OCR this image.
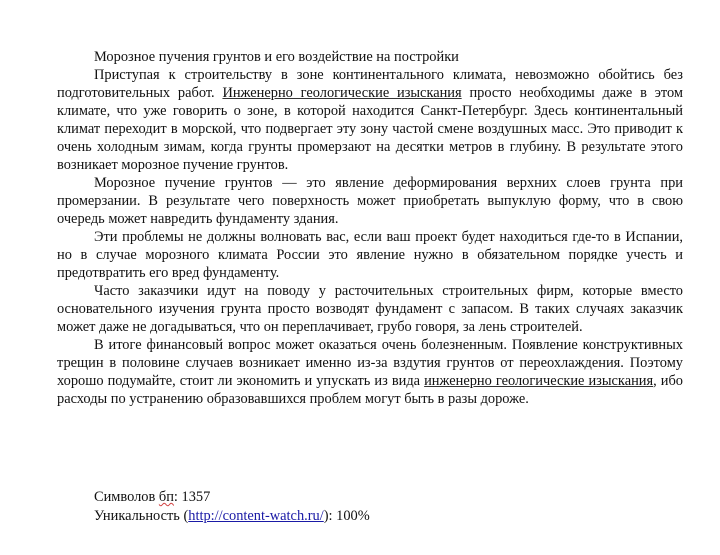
Морозное пучения грунтов и его воздействие на постройки

Приступая к строительству в зоне континентального климата, невозможно обойтись без подготовительных работ. Инженерно геологические изыскания просто необходимы даже в этом климате, что уже говорить о зоне, в которой находится Санкт-Петербург. Здесь континентальный климат переходит в морской, что подвергает эту зону частой смене воздушных масс. Это приводит к очень холодным зимам, когда грунты промерзают на десятки метров в глубину. В результате этого возникает морозное пучение грунтов.

Морозное пучение грунтов — это явление деформирования верхних слоев грунта при промерзании. В результате чего поверхность может приобретать выпуклую форму, что в свою очередь может навредить фундаменту здания.

Эти проблемы не должны волновать вас, если ваш проект будет находиться где-то в Испании, но в случае морозного климата России это явление нужно в обязательном порядке учесть и предотвратить его вред фундаменту.

Часто заказчики идут на поводу у расточительных строительных фирм, которые вместо основательного изучения грунта просто возводят фундамент с запасом. В таких случаях заказчик может даже не догадываться, что он переплачивает, грубо говоря, за лень строителей.

В итоге финансовый вопрос может оказаться очень болезненным. Появление конструктивных трещин в половине случаев возникает именно из-за вздутия грунтов от переохлаждения. Поэтому хорошо подумайте, стоит ли экономить и упускать из вида инженерно геологические изыскания, ибо расходы по устранению образовавшихся проблем могут быть в разы дороже.

Символов бп: 1357
Уникальность (http://content-watch.ru/): 100%
